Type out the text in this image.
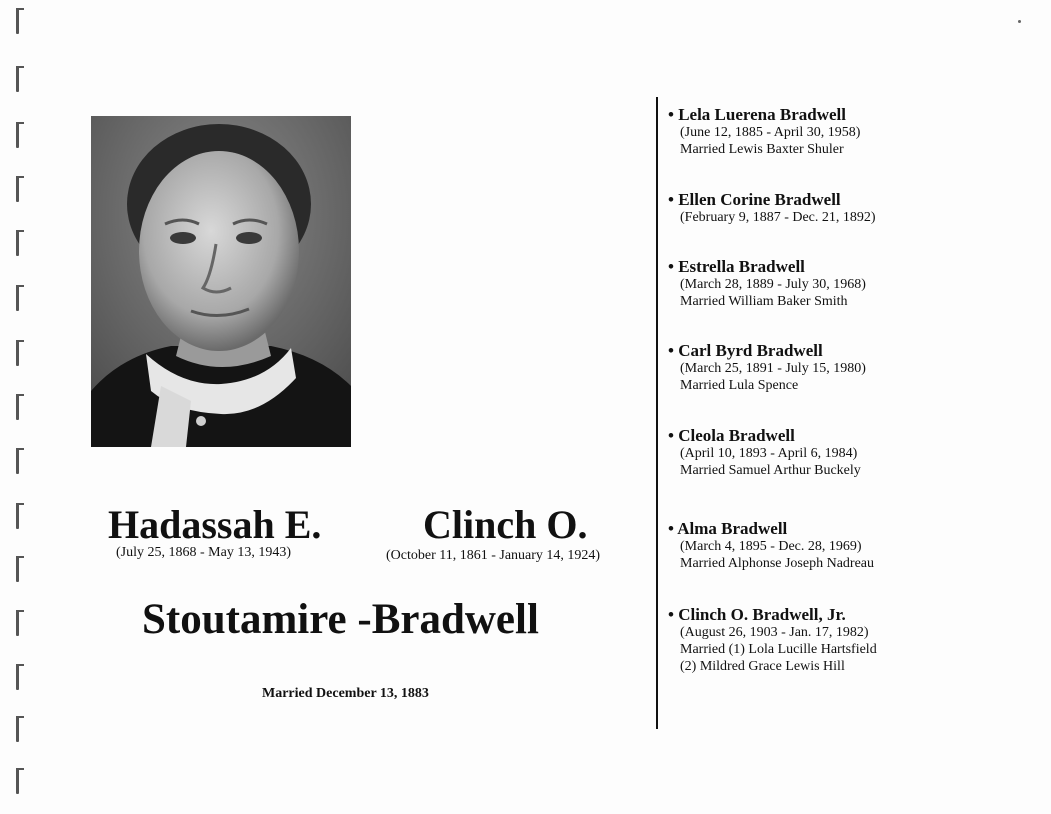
Hadassah E.
(July 25, 1868 - May 13, 1943)
Clinch O.
(October 11, 1861 - January 14, 1924)
Stoutamire -Bradwell
Married December 13, 1883
• Lela Luerena Bradwell
(June 12, 1885 - April 30, 1958)
Married Lewis Baxter Shuler
• Ellen Corine Bradwell
(February 9, 1887 - Dec. 21, 1892)
• Estrella Bradwell
(March 28, 1889 - July 30, 1968)
Married William Baker Smith
• Carl Byrd Bradwell
(March 25, 1891 - July 15, 1980)
Married Lula Spence
• Cleola Bradwell
(April 10, 1893 - April 6, 1984)
Married Samuel Arthur Buckely
• Alma Bradwell
(March 4, 1895 - Dec. 28, 1969)
Married Alphonse Joseph Nadreau
• Clinch O. Bradwell, Jr.
(August 26, 1903 - Jan. 17, 1982)
Married (1) Lola Lucille Hartsfield
(2) Mildred Grace Lewis Hill
